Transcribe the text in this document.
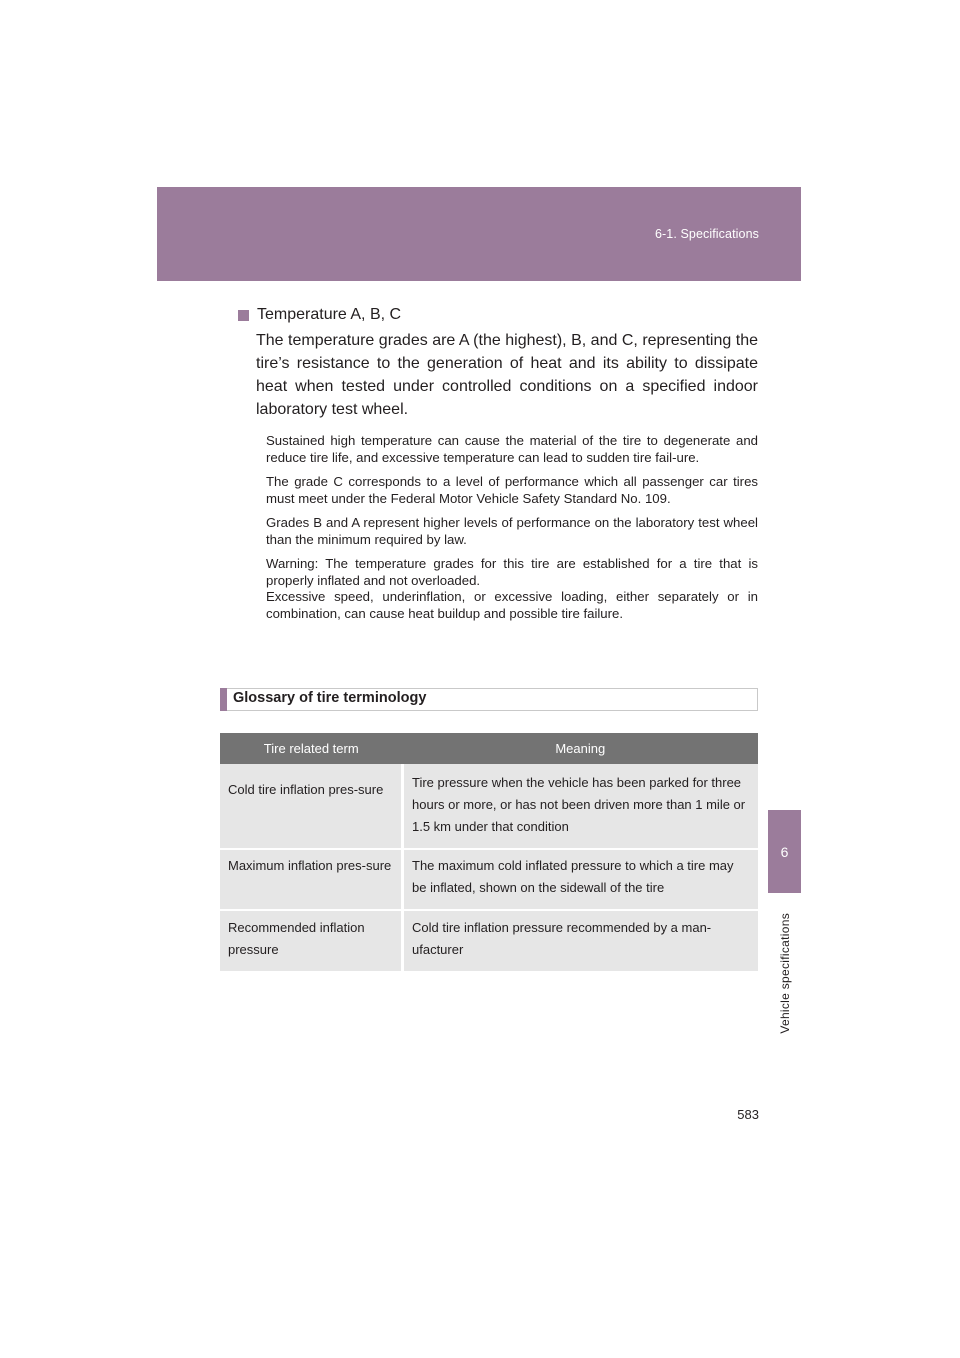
6-1. Specifications
6
Vehicle specifications
Temperature A, B, C

The temperature grades are A (the highest), B, and C, representing the tire’s resistance to the generation of heat and its ability to dissipate heat when tested under controlled conditions on a specified indoor laboratory test wheel.

Sustained high temperature can cause the material of the tire to degenerate and reduce tire life, and excessive temperature can lead to sudden tire fail-ure.

The grade C corresponds to a level of performance which all passenger car tires must meet under the Federal Motor Vehicle Safety Standard No. 109.

Grades B and A represent higher levels of performance on the laboratory test wheel than the minimum required by law.

Warning: The temperature grades for this tire are established for a tire that is properly inflated and not overloaded.

Excessive speed, underinflation, or excessive loading, either separately or in combination, can cause heat buildup and possible tire failure.

Glossary of tire terminology
Tire related term	Meaning
Cold tire inflation pres-sure	Tire pressure when the vehicle has been parked for three hours or more, or has not been driven more than 1 mile or 1.5 km under that condition
Maximum inflation pres-sure	The maximum cold inflated pressure to which a tire may be inflated, shown on the sidewall of the tire
Recommended inflation pressure	Cold tire inflation pressure recommended by a man-ufacturer
583
